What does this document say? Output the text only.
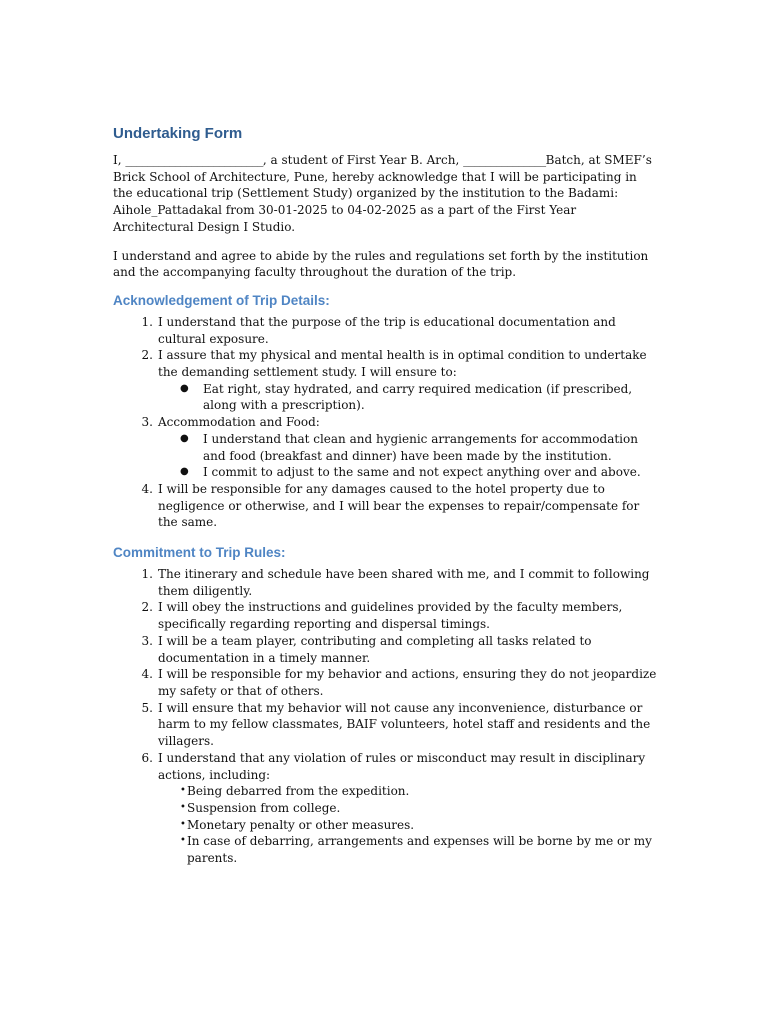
Undertaking Form

I, _________________________, a student of First Year B. Arch, _______________Batch, at SMEF’s Brick School of Architecture, Pune, hereby acknowledge that I will be participating in the educational trip (Settlement Study) organized by the institution to the Badami: Aihole_Pattadakal from 30-01-2025 to 04-02-2025 as a part of the First Year Architectural Design I Studio.

I understand and agree to abide by the rules and regulations set forth by the institution and the accompanying faculty throughout the duration of the trip.

Acknowledgement of Trip Details:
1. I understand that the purpose of the trip is educational documentation and cultural exposure.
2. I assure that my physical and mental health is in optimal condition to undertake the demanding settlement study. I will ensure to:
● Eat right, stay hydrated, and carry required medication (if prescribed, along with a prescription).
3. Accommodation and Food:
● I understand that clean and hygienic arrangements for accommodation and food (breakfast and dinner) have been made by the institution.
● I commit to adjust to the same and not expect anything over and above.
4. I will be responsible for any damages caused to the hotel property due to negligence or otherwise, and I will bear the expenses to repair/compensate for the same.
Commitment to Trip Rules:
1. The itinerary and schedule have been shared with me, and I commit to following them diligently.
2. I will obey the instructions and guidelines provided by the faculty members, specifically regarding reporting and dispersal timings.
3. I will be a team player, contributing and completing all tasks related to documentation in a timely manner.
4. I will be responsible for my behavior and actions, ensuring they do not jeopardize my safety or that of others.
5. I will ensure that my behavior will not cause any inconvenience, disturbance or harm to my fellow classmates, BAIF volunteers, hotel staff and residents and the villagers.
6. I understand that any violation of rules or misconduct may result in disciplinary actions, including:
• Being debarred from the expedition.
• Suspension from college.
• Monetary penalty or other measures.
• In case of debarring, arrangements and expenses will be borne by me or my parents.
